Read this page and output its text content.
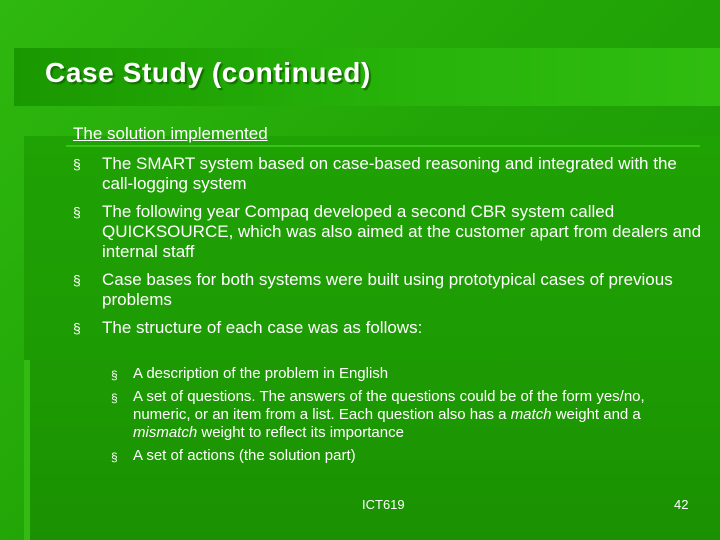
Case Study (continued)
The solution implemented
§ The SMART system based on case-based reasoning and integrated with the call-logging system
§ The following year Compaq developed a second CBR system called QUICKSOURCE, which was also aimed at the customer apart from dealers and internal staff
§ Case bases for both systems were built using prototypical cases of previous problems
§ The structure of each case was as follows:
§ A description of the problem in English
§ A set of questions. The answers of the questions could be of the form yes/no, numeric, or an item from a list. Each question also has a match weight and a mismatch weight to reflect its importance
§ A set of actions (the solution part)
ICT619	42
